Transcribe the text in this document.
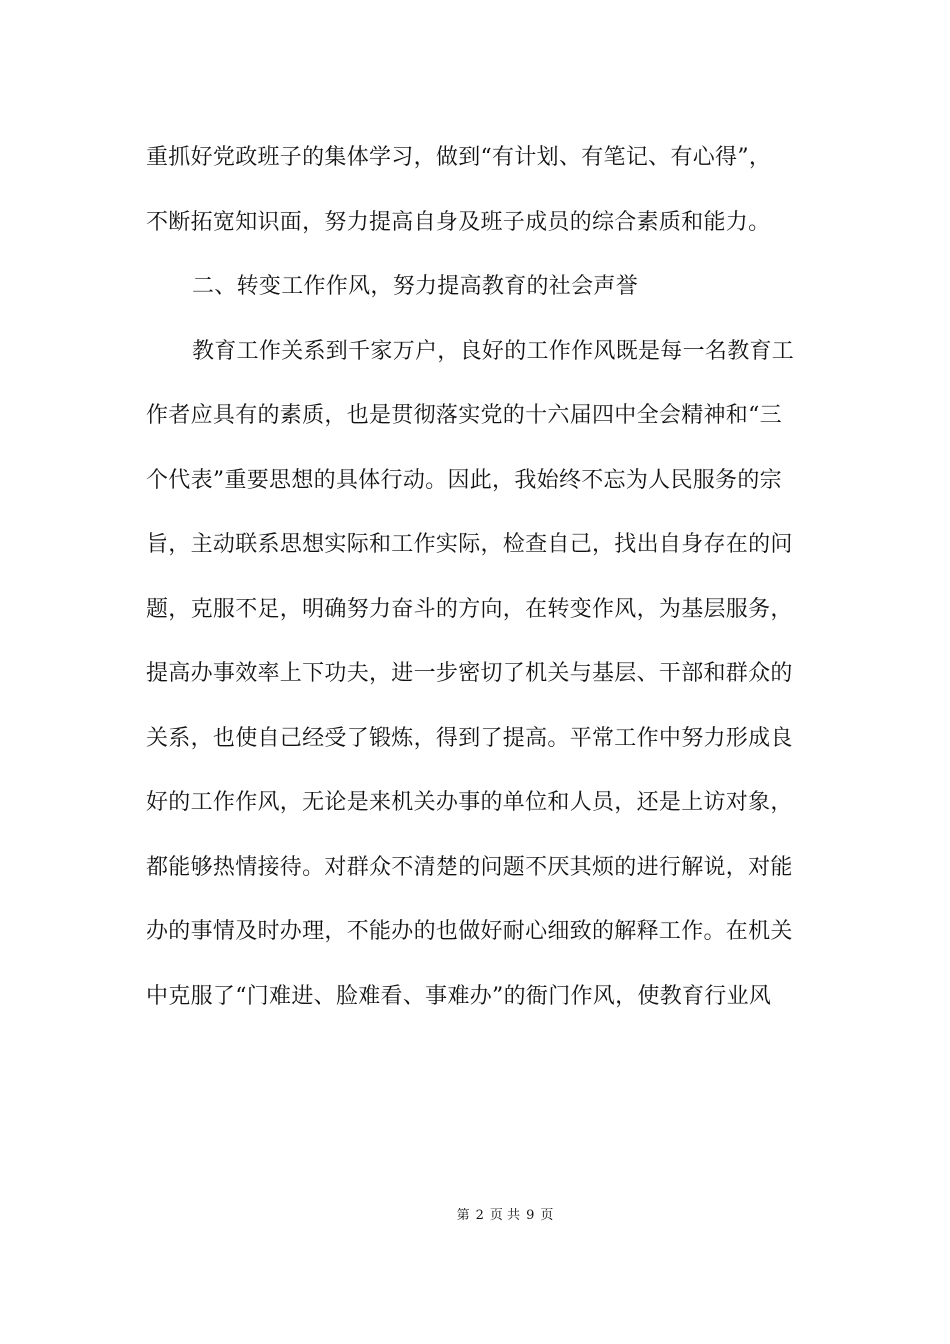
重抓好党政班子的集体学习，做到“有计划、有笔记、有心得”，
不断拓宽知识面，努力提高自身及班子成员的综合素质和能力。
二、转变工作作风，努力提高教育的社会声誉
教育工作关系到千家万户，良好的工作作风既是每一名教育工
作者应具有的素质，也是贯彻落实党的十六届四中全会精神和“三
个代表”重要思想的具体行动。因此，我始终不忘为人民服务的宗
旨，主动联系思想实际和工作实际，检查自己，找出自身存在的问
题，克服不足，明确努力奋斗的方向，在转变作风，为基层服务，
提高办事效率上下功夫，进一步密切了机关与基层、干部和群众的
关系，也使自己经受了锻炼，得到了提高。平常工作中努力形成良
好的工作作风，无论是来机关办事的单位和人员，还是上访对象，
都能够热情接待。对群众不清楚的问题不厌其烦的进行解说，对能
办的事情及时办理，不能办的也做好耐心细致的解释工作。在机关
中克服了“门难进、脸难看、事难办”的衙门作风，使教育行业风
第 2 页 共 9 页
